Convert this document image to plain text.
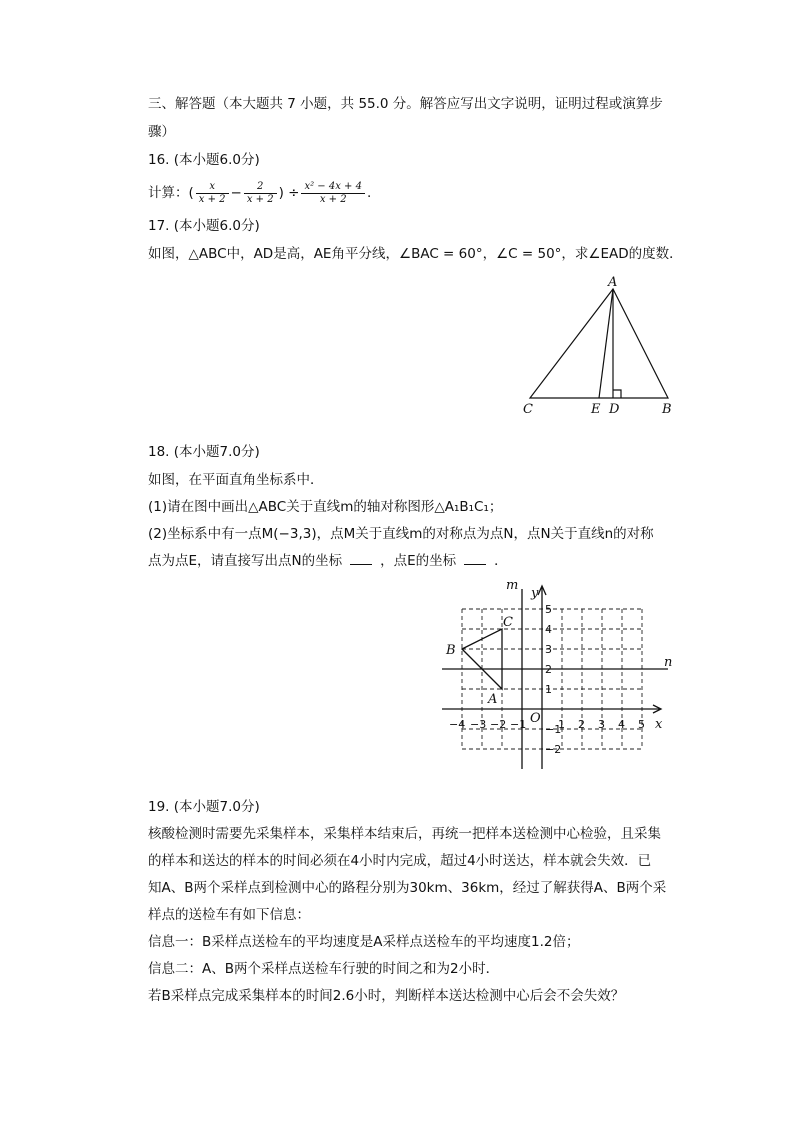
三、解答题（本大题共 7 小题，共 55.0 分。解答应写出文字说明，证明过程或演算步
骤）
16. (本小题6.0分)
计算：( $\frac{x}{x + 2} - \frac{2}{x + 2}$ ) ÷ $\frac{\text{x² − 4x + 4}}{x + 2}$ .
17. (本小题6.0分)
如图，△ABC中，AD是高，AE角平分线，∠BAC = 60°，∠C = 50°，求∠EAD的度数．
A
C	E D	B
18. (本小题7.0分)
如图，在平面直角坐标系中．
(1)请在图中画出△ABC关于直线m的轴对称图形△A₁B₁C₁；
(2)坐标系中有一点M(−3,3)，点M关于直线m的对称点为点N，点N关于直线n的对称
点为点E，请直接写出点N的坐标	，点E的坐标	．
B
C
A
m
y
n
x
O
−4 −3 −2 −1	1 2 3 4 5
5
4
3
2
1
−1
−2
19. (本小题7.0分)
核酸检测时需要先采集样本，采集样本结束后，再统一把样本送检测中心检验，且采集
的样本和送达的样本的时间必须在4小时内完成，超过4小时送达，样本就会失效．已
知A、B两个采样点到检测中心的路程分别为30km、36km，经过了解获得A、B两个采
样点的送检车有如下信息：
信息一：B采样点送检车的平均速度是A采样点送检车的平均速度1.2倍；
信息二：A、B两个采样点送检车行驶的时间之和为2小时．
若B采样点完成采集样本的时间2.6小时，判断样本送达检测中心后会不会失效？
